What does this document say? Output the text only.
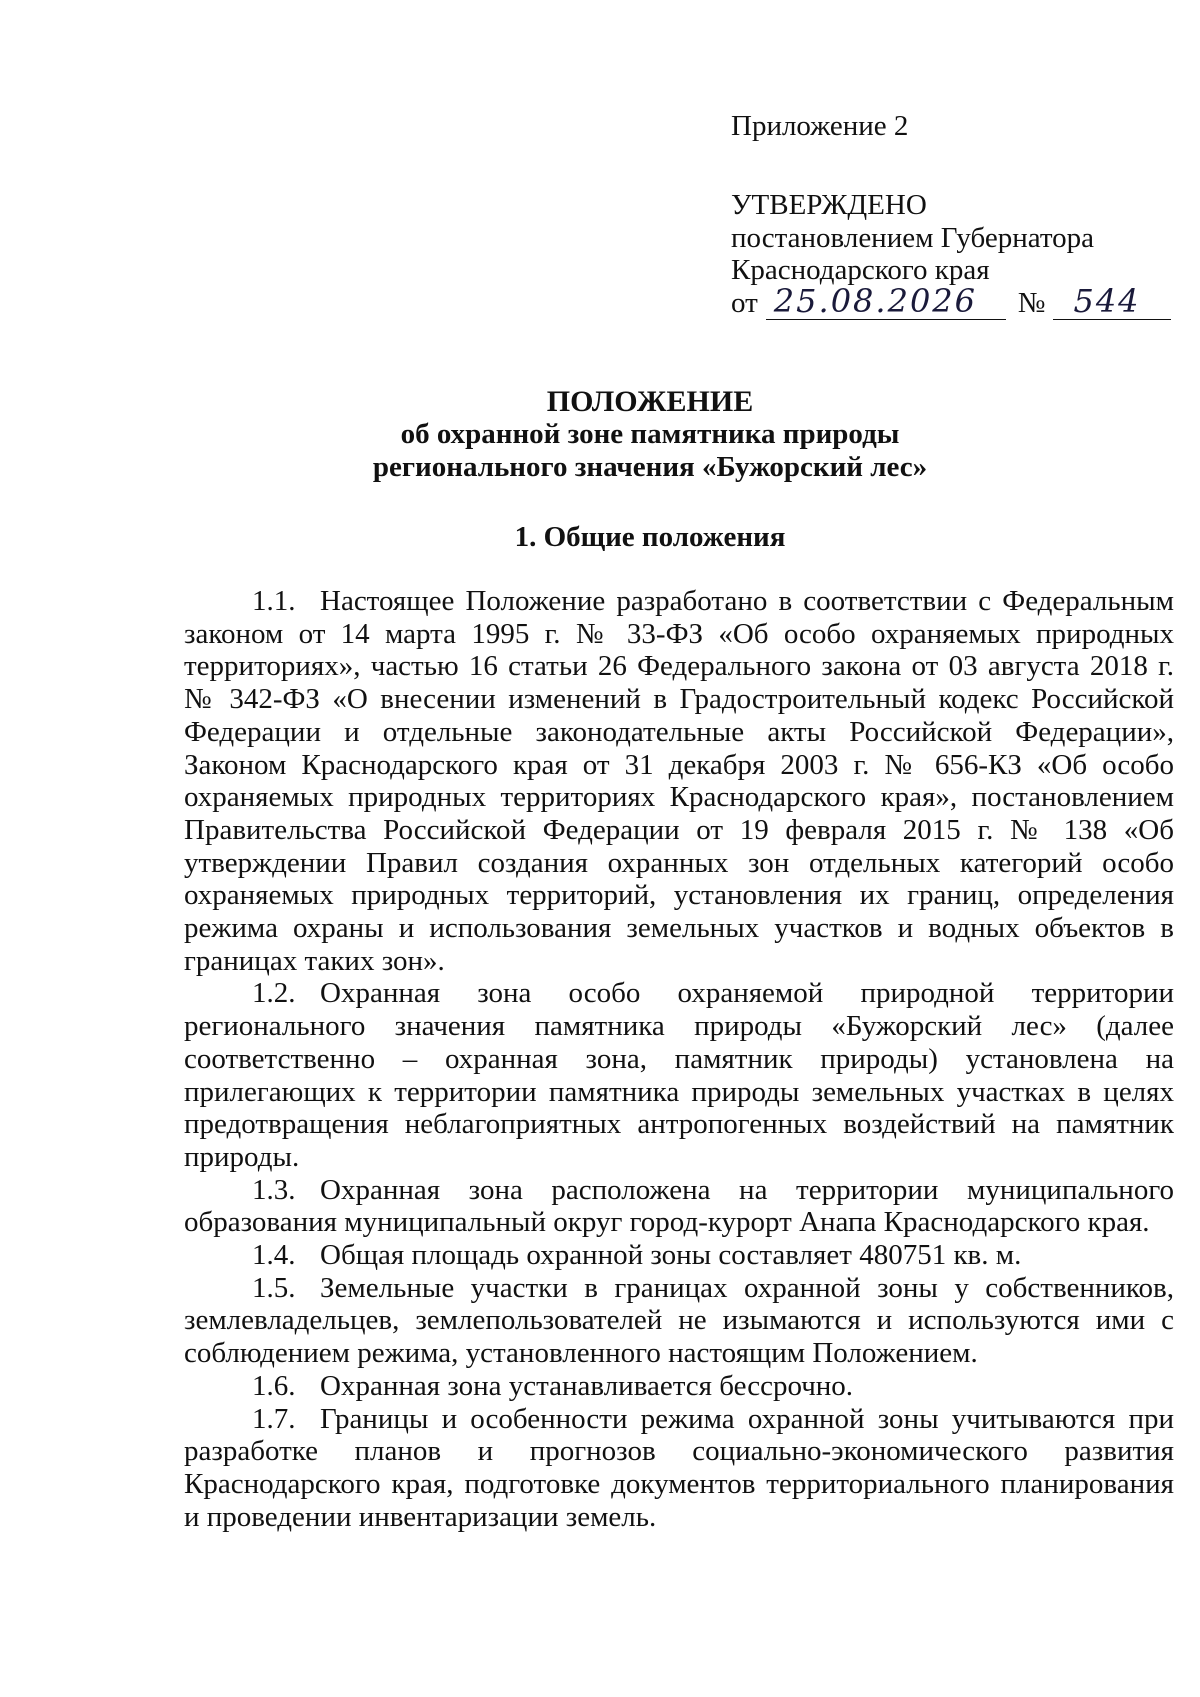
Приложение 2

УТВЕРЖДЕНО

постановлением Губернатора

Краснодарского края

от 25.08.2026 № 544

ПОЛОЖЕНИЕ

об охранной зоне памятника природы

регионального значения «Бужорский лес»

1. Общие положения

1.1. Настоящее Положение разработано в соответствии с Федеральным законом от 14 марта 1995 г. № 33-ФЗ «Об особо охраняемых природных территориях», частью 16 статьи 26 Федерального закона от 03 августа 2018 г. № 342-ФЗ «О внесении изменений в Градостроительный кодекс Российской Федерации и отдельные законодательные акты Российской Федерации», Законом Краснодарского края от 31 декабря 2003 г. № 656-КЗ «Об особо охраняемых природных территориях Краснодарского края», постановлением Правительства Российской Федерации от 19 февраля 2015 г. № 138 «Об утверждении Правил создания охранных зон отдельных категорий особо охраняемых природных территорий, установления их границ, определения режима охраны и использования земельных участков и водных объектов в границах таких зон».

1.2. Охранная зона особо охраняемой природной территории регионального значения памятника природы «Бужорский лес» (далее соответственно – охранная зона, памятник природы) установлена на прилегающих к территории памятника природы земельных участках в целях предотвращения неблагоприятных антропогенных воздействий на памятник природы.

1.3. Охранная зона расположена на территории муниципального образования муниципальный округ город-курорт Анапа Краснодарского края.

1.4. Общая площадь охранной зоны составляет 480751 кв. м.

1.5. Земельные участки в границах охранной зоны у собственников, землевладельцев, землепользователей не изымаются и используются ими с соблюдением режима, установленного настоящим Положением.

1.6. Охранная зона устанавливается бессрочно.

1.7. Границы и особенности режима охранной зоны учитываются при разработке планов и прогнозов социально-экономического развития Краснодарского края, подготовке документов территориального планирования и проведении инвентаризации земель.
